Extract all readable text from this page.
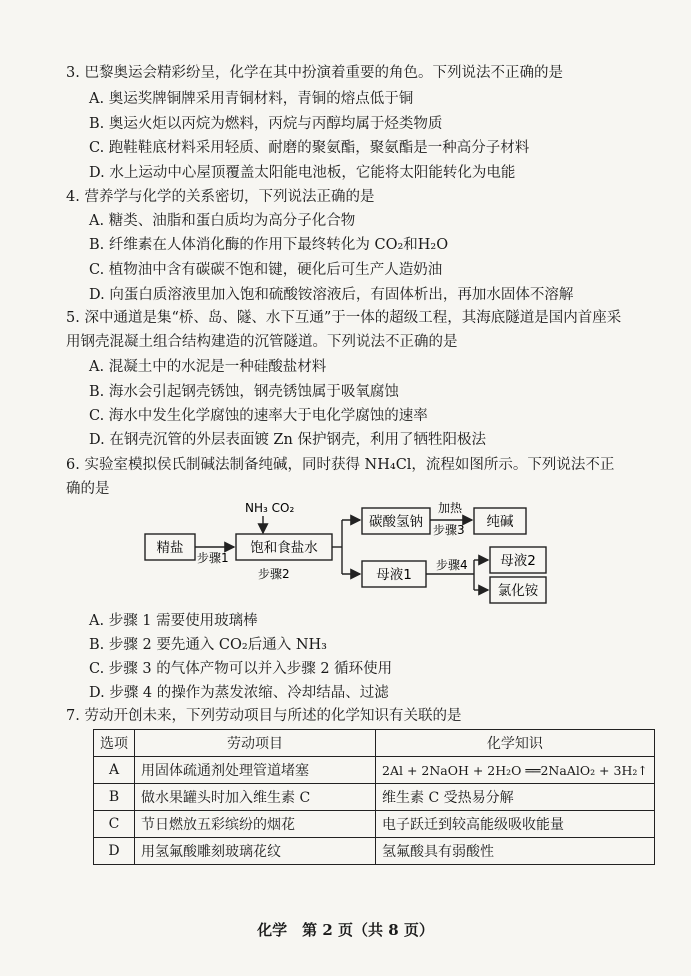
3. 巴黎奥运会精彩纷呈，化学在其中扮演着重要的角色。下列说法不正确的是
A. 奥运奖牌铜牌采用青铜材料，青铜的熔点低于铜
B. 奥运火炬以丙烷为燃料，丙烷与丙醇均属于烃类物质
C. 跑鞋鞋底材料采用轻质、耐磨的聚氨酯，聚氨酯是一种高分子材料
D. 水上运动中心屋顶覆盖太阳能电池板，它能将太阳能转化为电能
4. 营养学与化学的关系密切，下列说法正确的是
A. 糖类、油脂和蛋白质均为高分子化合物
B. 纤维素在人体消化酶的作用下最终转化为 CO₂和H₂O
C. 植物油中含有碳碳不饱和键，硬化后可生产人造奶油
D. 向蛋白质溶液里加入饱和硫酸铵溶液后，有固体析出，再加水固体不溶解
5. 深中通道是集“桥、岛、隧、水下互通”于一体的超级工程，其海底隧道是国内首座采用钢壳混凝土组合结构建造的沉管隧道。下列说法不正确的是
A. 混凝土中的水泥是一种硅酸盐材料
B. 海水会引起钢壳锈蚀，钢壳锈蚀属于吸氧腐蚀
C. 海水中发生化学腐蚀的速率大于电化学腐蚀的速率
D. 在钢壳沉管的外层表面镀 Zn 保护钢壳，利用了牺牲阳极法
6. 实验室模拟侯氏制碱法制备纯碱，同时获得 NH₄Cl，流程如图所示。下列说法不正确的是
NH₃ CO₂
精盐
步骤1
饱和食盐水
步骤2
碳酸氢钠
加热
步骤3 纯碱
母液1
步骤4 母液2
氯化铵
A. 步骤 1 需要使用玻璃棒
B. 步骤 2 要先通入 CO₂后通入 NH₃
C. 步骤 3 的气体产物可以并入步骤 2 循环使用
D. 步骤 4 的操作为蒸发浓缩、冷却结晶、过滤
7. 劳动开创未来，下列劳动项目与所述的化学知识有关联的是
选项	劳动项目	化学知识
A	用固体疏通剂处理管道堵塞	2Al + 2NaOH + 2H₂O ══2NaAlO₂ + 3H₂↑
B	做水果罐头时加入维生素 C	维生素 C 受热易分解
C	节日燃放五彩缤纷的烟花	电子跃迁到较高能级吸收能量
D	用氢氟酸雕刻玻璃花纹	氢氟酸具有弱酸性
化学　第 2 页（共 8 页）
